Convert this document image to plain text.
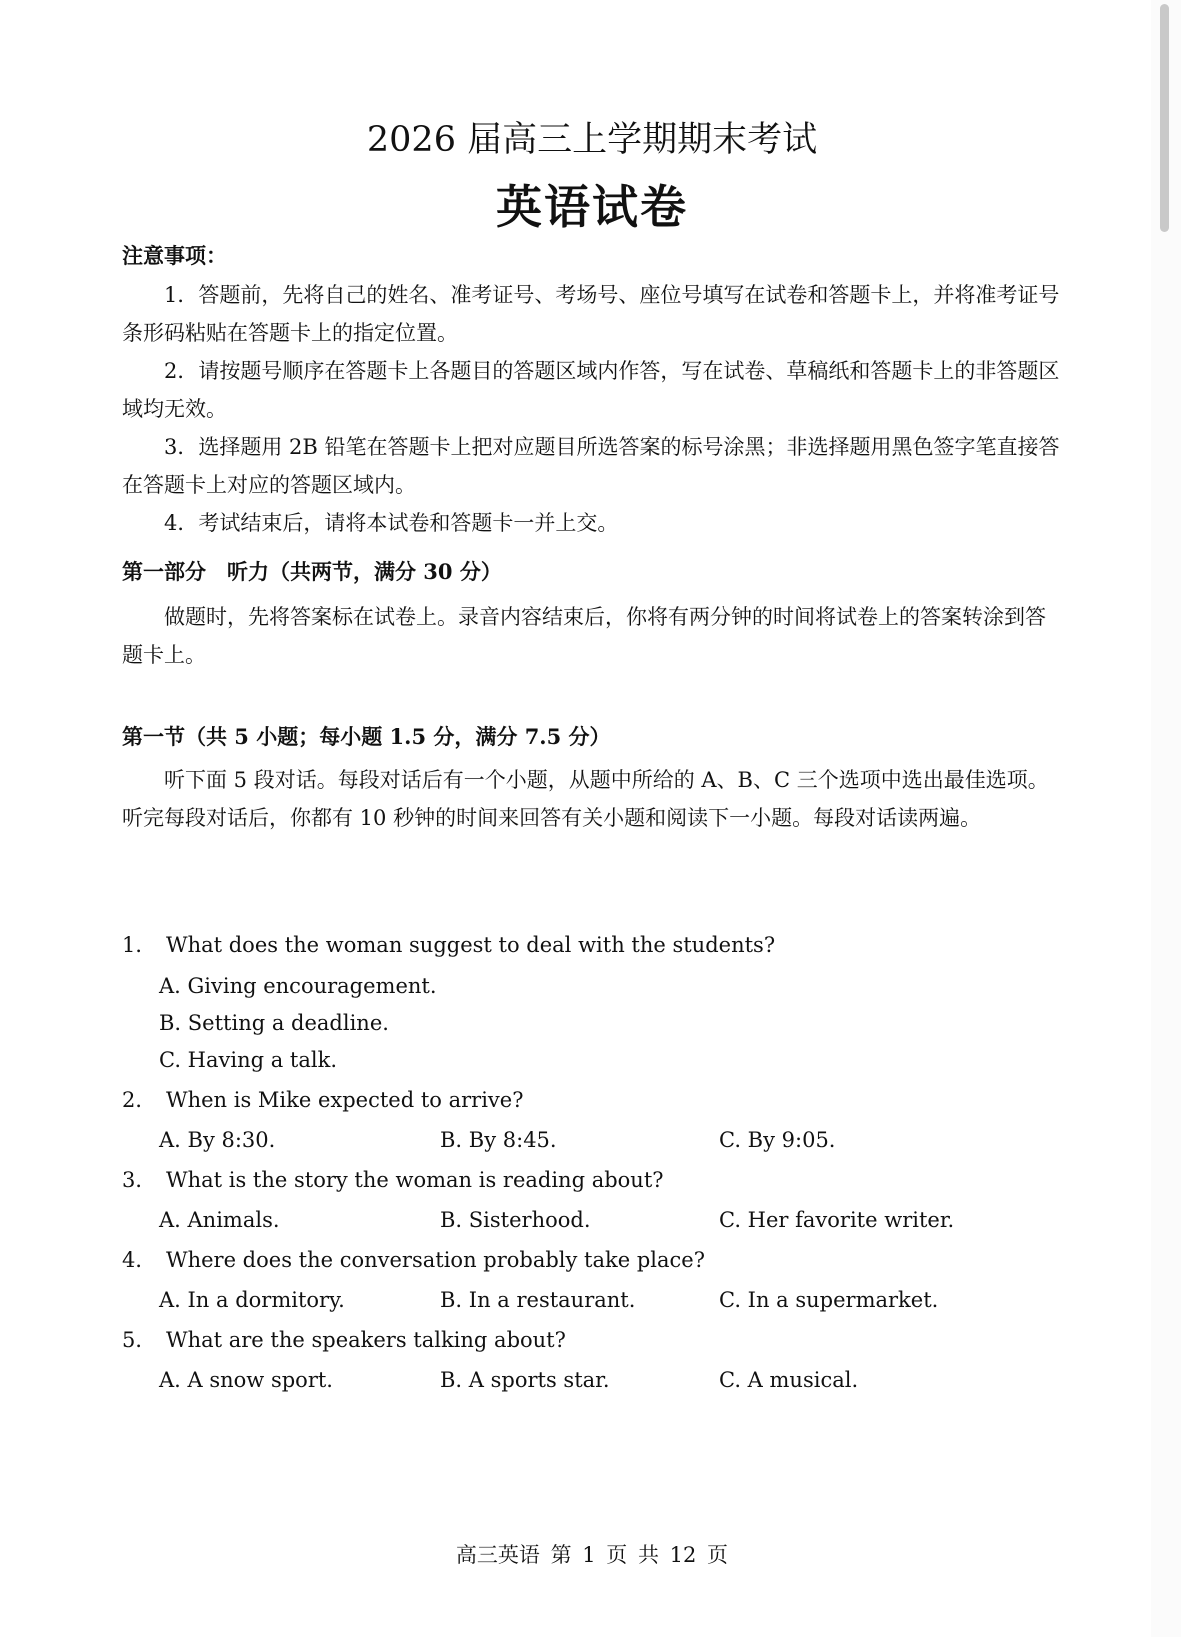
2026 届高三上学期期末考试
英语试卷
注意事项：

1．答题前，先将自己的姓名、准考证号、考场号、座位号填写在试卷和答题卡上，并将准考证号条形码粘贴在答题卡上的指定位置。

2．请按题号顺序在答题卡上各题目的答题区域内作答，写在试卷、草稿纸和答题卡上的非答题区域均无效。

3．选择题用 2B 铅笔在答题卡上把对应题目所选答案的标号涂黑；非选择题用黑色签字笔直接答在答题卡上对应的答题区域内。

4．考试结束后，请将本试卷和答题卡一并上交。

第一部分　听力（共两节，满分 30 分）

做题时，先将答案标在试卷上。录音内容结束后，你将有两分钟的时间将试卷上的答案转涂到答题卡上。

第一节（共 5 小题；每小题 1.5 分，满分 7.5 分）

听下面 5 段对话。每段对话后有一个小题，从题中所给的 A、B、C 三个选项中选出最佳选项。听完每段对话后，你都有 10 秒钟的时间来回答有关小题和阅读下一小题。每段对话读两遍。

1． What does the woman suggest to deal with the students?
A. Giving encouragement.
B. Setting a deadline.
C. Having a talk.
2． When is Mike expected to arrive?
A. By 8:30.	B. By 8:45.	C. By 9:05.
3． What is the story the woman is reading about?
A. Animals.	B. Sisterhood.	C. Her favorite writer.
4． Where does the conversation probably take place?
A. In a dormitory.	B. In a restaurant.	C. In a supermarket.
5． What are the speakers talking about?
A. A snow sport.	B. A sports star.	C. A musical.
高三英语 第 1 页 共 12 页
